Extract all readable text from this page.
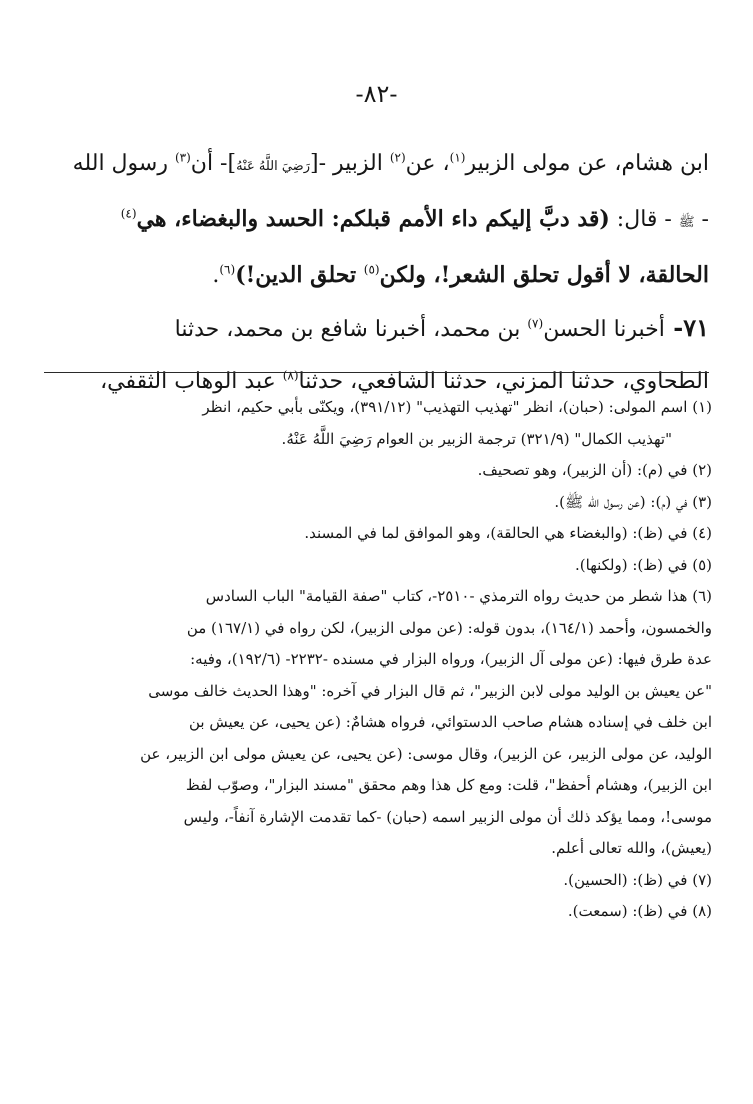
-٨٢-

ابن هشام، عن مولى الزبير$^{(١)}$، عن$^{(٢)}$ الزبير -[رَضِيَ اللَّهُ عَنْهُ]- أن$^{(٣)}$ رسول الله
- ﷺ - قال: (قد دبَّ إليكم داء الأمم قبلكم: الحسد والبغضاء، هي$^{(٤)}$
الحالقة، لا أقول تحلق الشعر!، ولكن$^{(٥)}$ تحلق الدين!)$^{(٦)}$.

٧١- أخبرنا الحسن$^{(٧)}$ بن محمد، أخبرنا شافع بن محمد، حدثنا
الطحاوي، حدثنا المزني، حدثنا الشافعي، حدثنا$^{(٨)}$ عبد الوهاب الثقفي،

(١) اسم المولى: (حبان)، انظر "تهذيب التهذيب" (٣٩١/١٢)، ويكنّى بأبي حكيم، انظر
"تهذيب الكمال" (٣٢١/٩) ترجمة الزبير بن العوام رَضِيَ اللَّهُ عَنْهُ.
(٢) في (م): (أن الزبير)، وهو تصحيف.
(٣) في (م): (عن رسول الله ﷺ).
(٤) في (ظ): (والبغضاء هي الحالقة)، وهو الموافق لما في المسند.
(٥) في (ظ): (ولكنها).
(٦) هذا شطر من حديث رواه الترمذي -٢٥١٠-، كتاب "صفة القيامة" الباب السادس
والخمسون، وأحمد (١٦٤/١)، بدون قوله: (عن مولى الزبير)، لكن رواه في (١٦٧/١) من
عدة طرق فيها: (عن مولى آل الزبير)، ورواه البزار في مسنده -٢٢٣٢- (١٩٢/٦)، وفيه:
"عن يعيش بن الوليد مولى لابن الزبير"، ثم قال البزار في آخره: "وهذا الحديث خالف موسى
ابن خلف في إسناده هشام صاحب الدستوائي، فرواه هشامٌ: (عن يحيى، عن يعيش بن
الوليد، عن مولى الزبير، عن الزبير)، وقال موسى: (عن يحيى، عن يعيش مولى ابن الزبير، عن
ابن الزبير)، وهشام أحفظ"، قلت: ومع كل هذا وهم محقق "مسند البزار"، وصوّب لفظ
موسى!، ومما يؤكد ذلك أن مولى الزبير اسمه (حبان) -كما تقدمت الإشارة آنفاً-، وليس
(يعيش)، والله تعالى أعلم.
(٧) في (ظ): (الحسين).
(٨) في (ظ): (سمعت).
